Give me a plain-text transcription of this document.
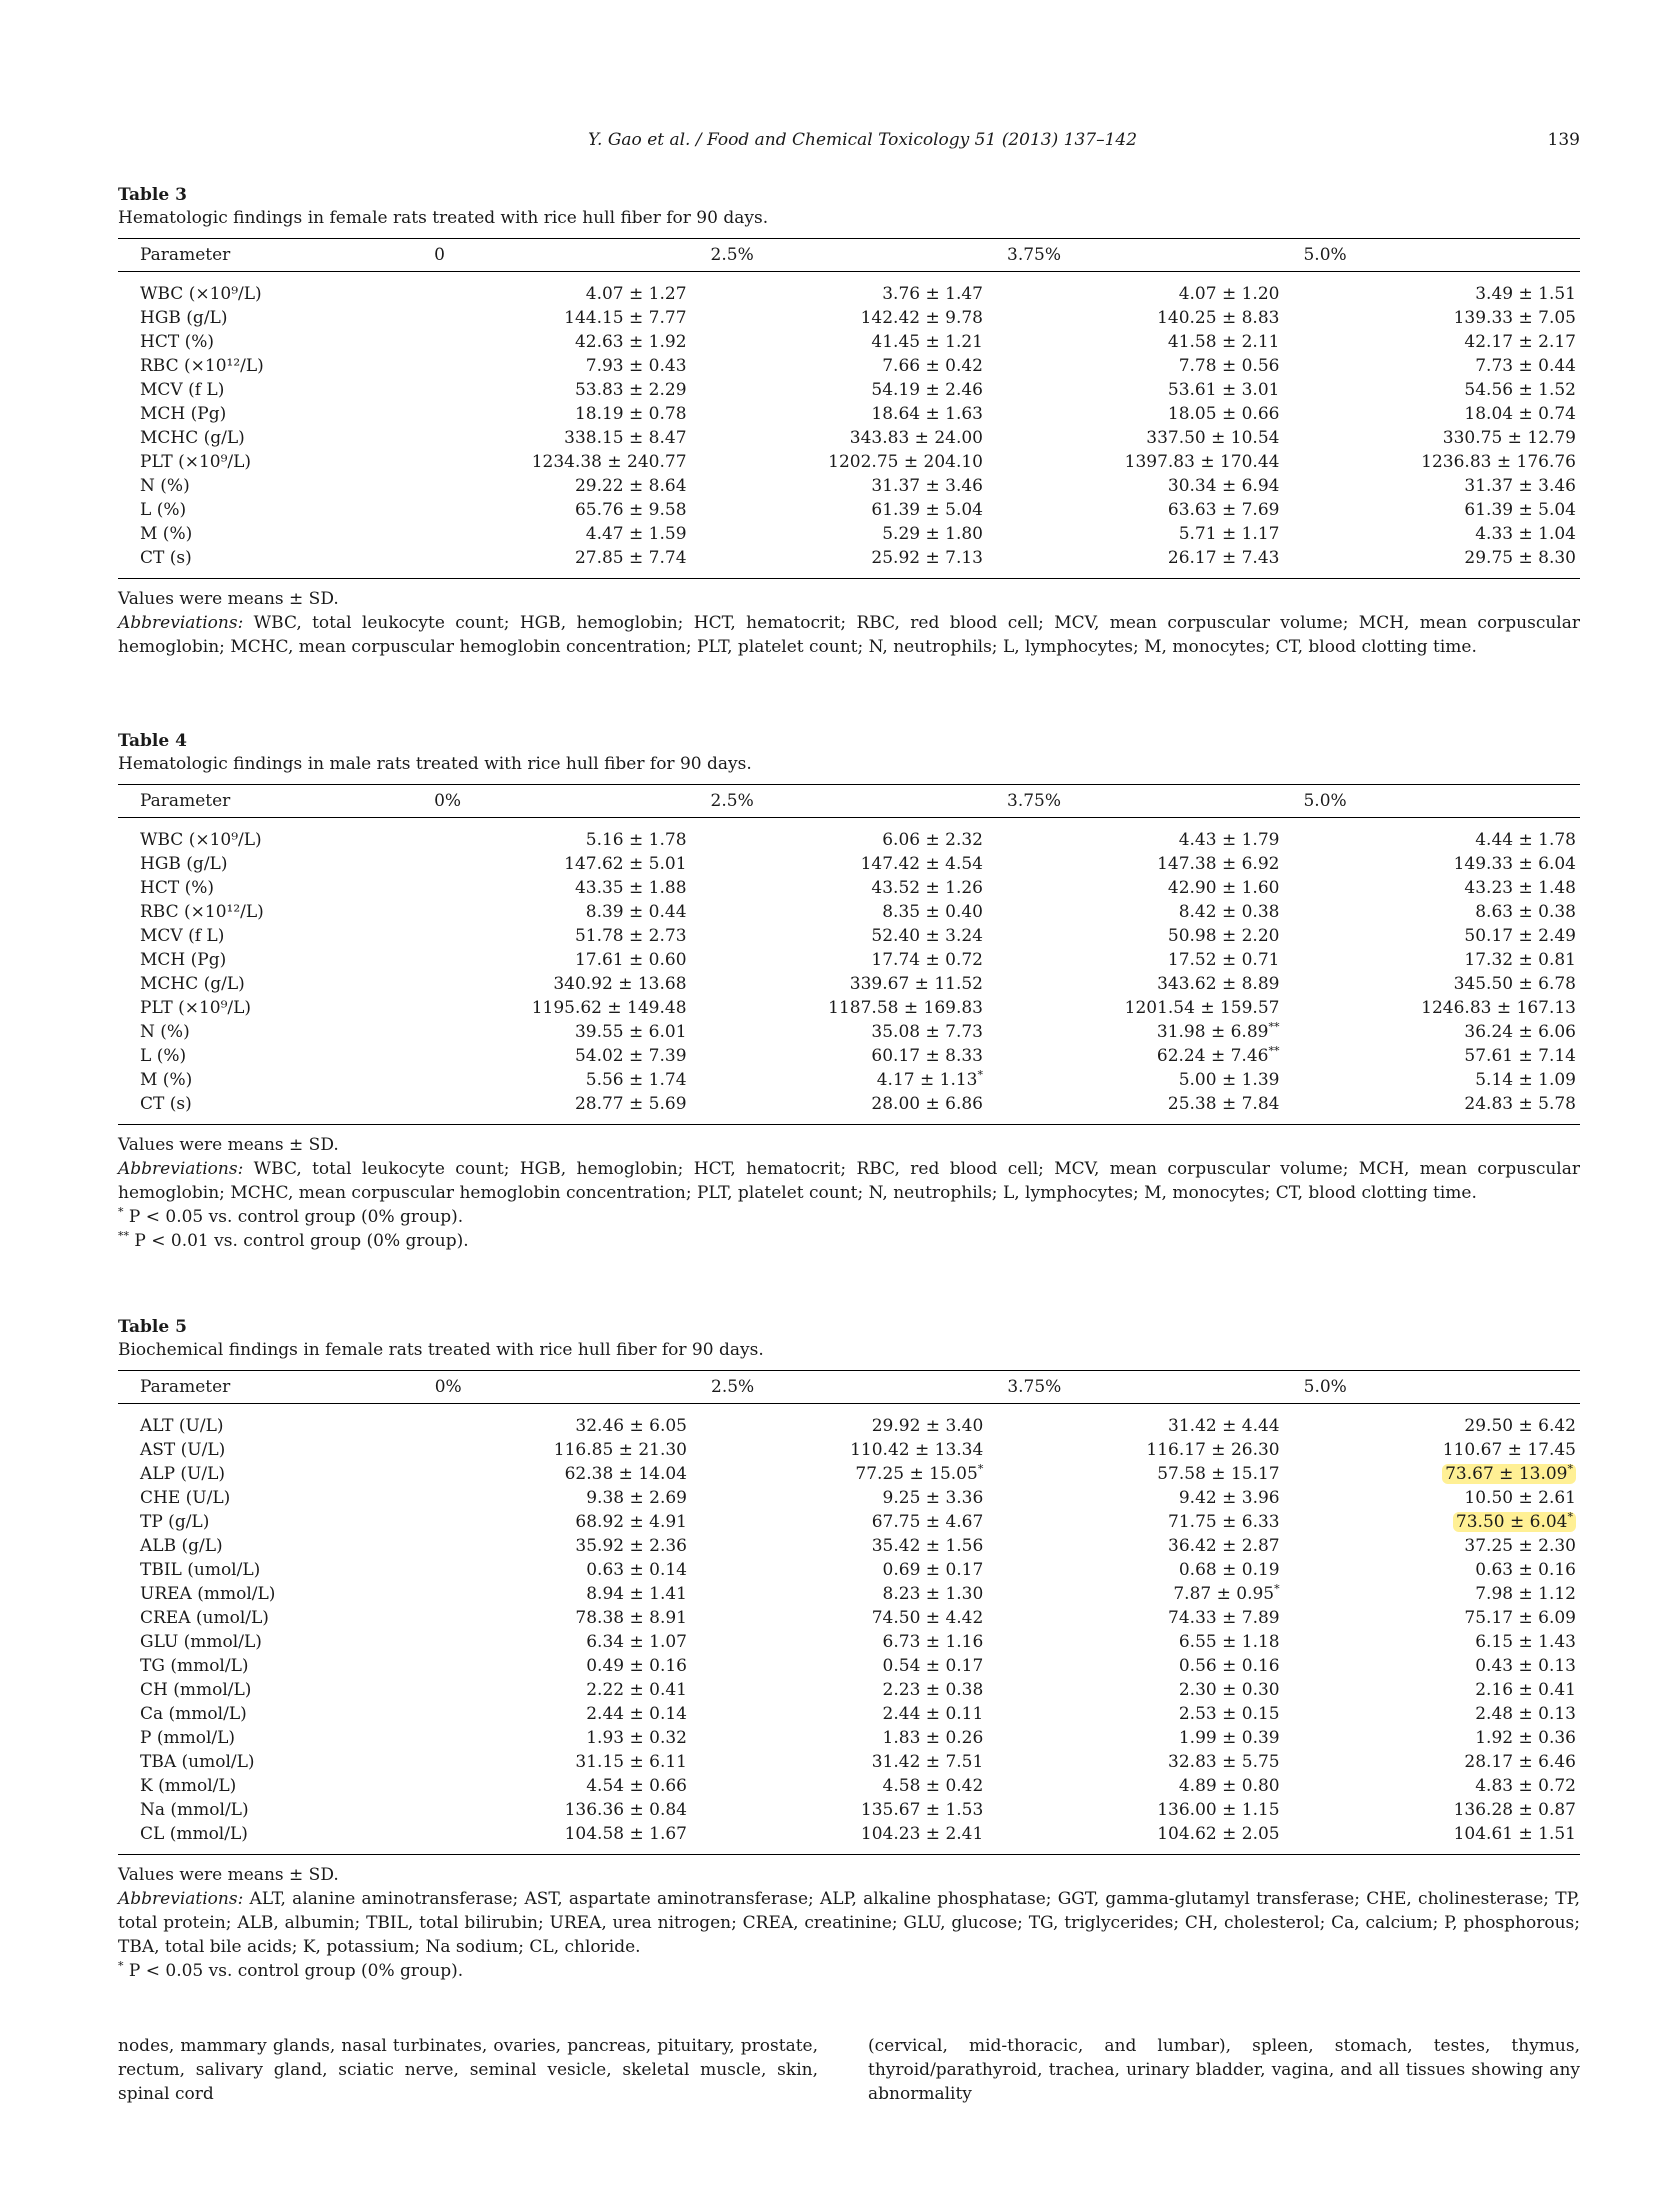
Y. Gao et al. / Food and Chemical Toxicology 51 (2013) 137–142	139
Table 3
Hematologic findings in female rats treated with rice hull fiber for 90 days.
Parameter	0	2.5%	3.75%	5.0%
WBC (×10⁹/L)	4.07 ± 1.27	3.76 ± 1.47	4.07 ± 1.20	3.49 ± 1.51
HGB (g/L)	144.15 ± 7.77	142.42 ± 9.78	140.25 ± 8.83	139.33 ± 7.05
HCT (%)	42.63 ± 1.92	41.45 ± 1.21	41.58 ± 2.11	42.17 ± 2.17
RBC (×10¹²/L)	7.93 ± 0.43	7.66 ± 0.42	7.78 ± 0.56	7.73 ± 0.44
MCV (f L)	53.83 ± 2.29	54.19 ± 2.46	53.61 ± 3.01	54.56 ± 1.52
MCH (Pg)	18.19 ± 0.78	18.64 ± 1.63	18.05 ± 0.66	18.04 ± 0.74
MCHC (g/L)	338.15 ± 8.47	343.83 ± 24.00	337.50 ± 10.54	330.75 ± 12.79
PLT (×10⁹/L)	1234.38 ± 240.77	1202.75 ± 204.10	1397.83 ± 170.44	1236.83 ± 176.76
N (%)	29.22 ± 8.64	31.37 ± 3.46	30.34 ± 6.94	31.37 ± 3.46
L (%)	65.76 ± 9.58	61.39 ± 5.04	63.63 ± 7.69	61.39 ± 5.04
M (%)	4.47 ± 1.59	5.29 ± 1.80	5.71 ± 1.17	4.33 ± 1.04
CT (s)	27.85 ± 7.74	25.92 ± 7.13	26.17 ± 7.43	29.75 ± 8.30

Values were means ± SD.

Abbreviations: WBC, total leukocyte count; HGB, hemoglobin; HCT, hematocrit; RBC, red blood cell; MCV, mean corpuscular volume; MCH, mean corpuscular hemoglobin; MCHC, mean corpuscular hemoglobin concentration; PLT, platelet count; N, neutrophils; L, lymphocytes; M, monocytes; CT, blood clotting time.

Table 4
Hematologic findings in male rats treated with rice hull fiber for 90 days.
Parameter	0%	2.5%	3.75%	5.0%
WBC (×10⁹/L)	5.16 ± 1.78	6.06 ± 2.32	4.43 ± 1.79	4.44 ± 1.78
HGB (g/L)	147.62 ± 5.01	147.42 ± 4.54	147.38 ± 6.92	149.33 ± 6.04
HCT (%)	43.35 ± 1.88	43.52 ± 1.26	42.90 ± 1.60	43.23 ± 1.48
RBC (×10¹²/L)	8.39 ± 0.44	8.35 ± 0.40	8.42 ± 0.38	8.63 ± 0.38
MCV (f L)	51.78 ± 2.73	52.40 ± 3.24	50.98 ± 2.20	50.17 ± 2.49
MCH (Pg)	17.61 ± 0.60	17.74 ± 0.72	17.52 ± 0.71	17.32 ± 0.81
MCHC (g/L)	340.92 ± 13.68	339.67 ± 11.52	343.62 ± 8.89	345.50 ± 6.78
PLT (×10⁹/L)	1195.62 ± 149.48	1187.58 ± 169.83	1201.54 ± 159.57	1246.83 ± 167.13
N (%)	39.55 ± 6.01	35.08 ± 7.73	31.98 ± 6.89**	36.24 ± 6.06
L (%)	54.02 ± 7.39	60.17 ± 8.33	62.24 ± 7.46**	57.61 ± 7.14
M (%)	5.56 ± 1.74	4.17 ± 1.13*	5.00 ± 1.39	5.14 ± 1.09
CT (s)	28.77 ± 5.69	28.00 ± 6.86	25.38 ± 7.84	24.83 ± 5.78

Values were means ± SD.

Abbreviations: WBC, total leukocyte count; HGB, hemoglobin; HCT, hematocrit; RBC, red blood cell; MCV, mean corpuscular volume; MCH, mean corpuscular hemoglobin; MCHC, mean corpuscular hemoglobin concentration; PLT, platelet count; N, neutrophils; L, lymphocytes; M, monocytes; CT, blood clotting time.

* P < 0.05 vs. control group (0% group).

** P < 0.01 vs. control group (0% group).

Table 5
Biochemical findings in female rats treated with rice hull fiber for 90 days.
Parameter	0%	2.5%	3.75%	5.0%
ALT (U/L)	32.46 ± 6.05	29.92 ± 3.40	31.42 ± 4.44	29.50 ± 6.42
AST (U/L)	116.85 ± 21.30	110.42 ± 13.34	116.17 ± 26.30	110.67 ± 17.45
ALP (U/L)	62.38 ± 14.04	77.25 ± 15.05*	57.58 ± 15.17	73.67 ± 13.09*
CHE (U/L)	9.38 ± 2.69	9.25 ± 3.36	9.42 ± 3.96	10.50 ± 2.61
TP (g/L)	68.92 ± 4.91	67.75 ± 4.67	71.75 ± 6.33	73.50 ± 6.04*
ALB (g/L)	35.92 ± 2.36	35.42 ± 1.56	36.42 ± 2.87	37.25 ± 2.30
TBIL (umol/L)	0.63 ± 0.14	0.69 ± 0.17	0.68 ± 0.19	0.63 ± 0.16
UREA (mmol/L)	8.94 ± 1.41	8.23 ± 1.30	7.87 ± 0.95*	7.98 ± 1.12
CREA (umol/L)	78.38 ± 8.91	74.50 ± 4.42	74.33 ± 7.89	75.17 ± 6.09
GLU (mmol/L)	6.34 ± 1.07	6.73 ± 1.16	6.55 ± 1.18	6.15 ± 1.43
TG (mmol/L)	0.49 ± 0.16	0.54 ± 0.17	0.56 ± 0.16	0.43 ± 0.13
CH (mmol/L)	2.22 ± 0.41	2.23 ± 0.38	2.30 ± 0.30	2.16 ± 0.41
Ca (mmol/L)	2.44 ± 0.14	2.44 ± 0.11	2.53 ± 0.15	2.48 ± 0.13
P (mmol/L)	1.93 ± 0.32	1.83 ± 0.26	1.99 ± 0.39	1.92 ± 0.36
TBA (umol/L)	31.15 ± 6.11	31.42 ± 7.51	32.83 ± 5.75	28.17 ± 6.46
K (mmol/L)	4.54 ± 0.66	4.58 ± 0.42	4.89 ± 0.80	4.83 ± 0.72
Na (mmol/L)	136.36 ± 0.84	135.67 ± 1.53	136.00 ± 1.15	136.28 ± 0.87
CL (mmol/L)	104.58 ± 1.67	104.23 ± 2.41	104.62 ± 2.05	104.61 ± 1.51

Values were means ± SD.

Abbreviations: ALT, alanine aminotransferase; AST, aspartate aminotransferase; ALP, alkaline phosphatase; GGT, gamma-glutamyl transferase; CHE, cholinesterase; TP, total protein; ALB, albumin; TBIL, total bilirubin; UREA, urea nitrogen; CREA, creatinine; GLU, glucose; TG, triglycerides; CH, cholesterol; Ca, calcium; P, phosphorous; TBA, total bile acids; K, potassium; Na sodium; CL, chloride.

* P < 0.05 vs. control group (0% group).

nodes, mammary glands, nasal turbinates, ovaries, pancreas, pituitary, prostate, rectum, salivary gland, sciatic nerve, seminal vesicle, skeletal muscle, skin, spinal cord
(cervical, mid-thoracic, and lumbar), spleen, stomach, testes, thymus, thyroid/parathyroid, trachea, urinary bladder, vagina, and all tissues showing any abnormality
